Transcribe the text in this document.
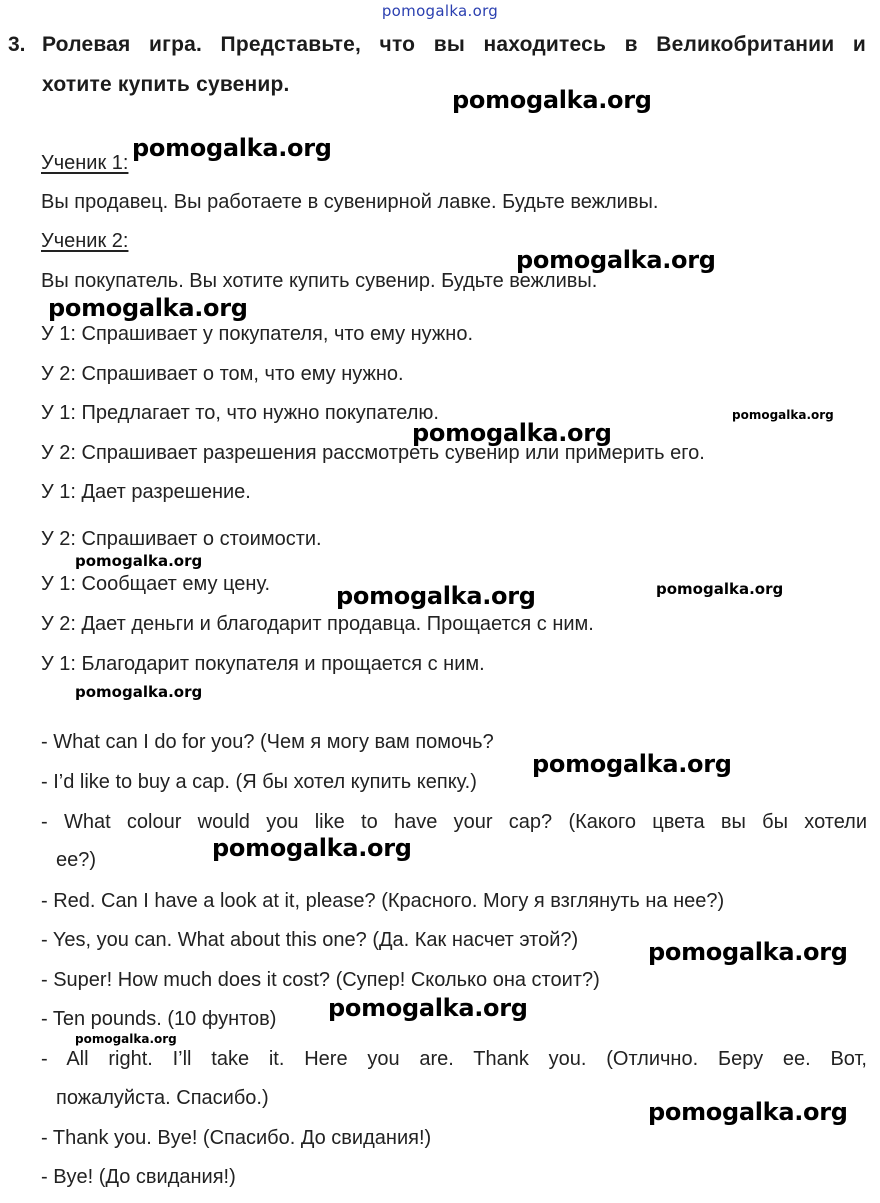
pomogalka.org
3. Ролевая игра. Представьте, что вы находитесь в Великобритании и
хотите купить сувенир.
Ученик 1:
Вы продавец. Вы работаете в сувенирной лавке. Будьте вежливы.
Ученик 2:
Вы покупатель. Вы хотите купить сувенир. Будьте вежливы.
У 1: Спрашивает у покупателя, что ему нужно.
У 2: Спрашивает о том, что ему нужно.
У 1: Предлагает то, что нужно покупателю.
У 2: Спрашивает разрешения рассмотреть сувенир или примерить его.
У 1: Дает разрешение.
У 2: Спрашивает о стоимости.
У 1: Сообщает ему цену.
У 2: Дает деньги и благодарит продавца. Прощается с ним.
У 1: Благодарит покупателя и прощается с ним.
- What can I do for you? (Чем я могу вам помочь?
- I’d like to buy a cap. (Я бы хотел купить кепку.)
- What colour would you like to have your cap? (Какого цвета вы бы хотели
ее?)
- Red. Can I have a look at it, please? (Красного. Могу я взглянуть на нее?)
- Yes, you can. What about this one? (Да. Как насчет этой?)
- Super! How much does it cost? (Супер! Сколько она стоит?)
- Ten pounds. (10 фунтов)
- All right. I’ll take it. Here you are. Thank you. (Отлично. Беру ее. Вот,
пожалуйста. Спасибо.)
- Thank you. Bye! (Спасибо. До свидания!)
- Bye! (До свидания!)
pomogalka.org
pomogalka.org
pomogalka.org
pomogalka.org
pomogalka.org
pomogalka.org
pomogalka.org
pomogalka.org
pomogalka.org
pomogalka.org
pomogalka.org
pomogalka.org
pomogalka.org
pomogalka.org
pomogalka.org
pomogalka.org
